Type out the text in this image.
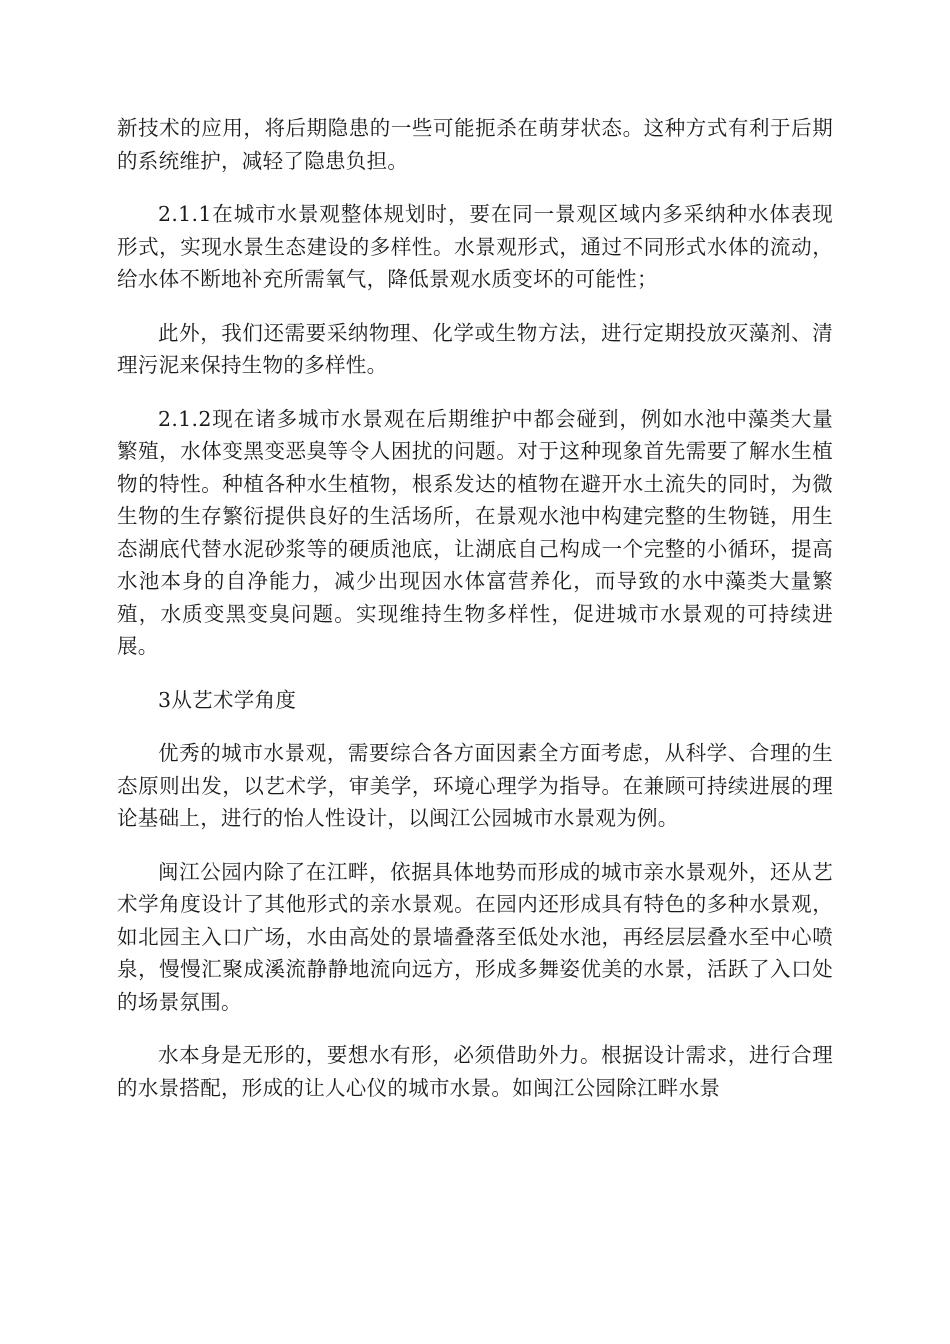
新技术的应用，将后期隐患的一些可能扼杀在萌芽状态。这种方式有利于后期的系统维护，减轻了隐患负担。

2.1.1在城市水景观整体规划时，要在同一景观区域内多采纳种水体表现形式，实现水景生态建设的多样性。水景观形式，通过不同形式水体的流动，给水体不断地补充所需氧气，降低景观水质变坏的可能性；

此外，我们还需要采纳物理、化学或生物方法，进行定期投放灭藻剂、清理污泥来保持生物的多样性。

2.1.2现在诸多城市水景观在后期维护中都会碰到，例如水池中藻类大量繁殖，水体变黑变恶臭等令人困扰的问题。对于这种现象首先需要了解水生植物的特性。种植各种水生植物，根系发达的植物在避开水土流失的同时，为微生物的生存繁衍提供良好的生活场所，在景观水池中构建完整的生物链，用生态湖底代替水泥砂浆等的硬质池底，让湖底自己构成一个完整的小循环，提高水池本身的自净能力，减少出现因水体富营养化，而导致的水中藻类大量繁殖，水质变黑变臭问题。实现维持生物多样性，促进城市水景观的可持续进展。

3从艺术学角度

优秀的城市水景观，需要综合各方面因素全方面考虑，从科学、合理的生态原则出发，以艺术学，审美学，环境心理学为指导。在兼顾可持续进展的理论基础上，进行的怡人性设计，以闽江公园城市水景观为例。

闽江公园内除了在江畔，依据具体地势而形成的城市亲水景观外，还从艺术学角度设计了其他形式的亲水景观。在园内还形成具有特色的多种水景观，如北园主入口广场，水由高处的景墙叠落至低处水池，再经层层叠水至中心喷泉，慢慢汇聚成溪流静静地流向远方，形成多舞姿优美的水景，活跃了入口处的场景氛围。

水本身是无形的，要想水有形，必须借助外力。根据设计需求，进行合理的水景搭配，形成的让人心仪的城市水景。如闽江公园除江畔水景
